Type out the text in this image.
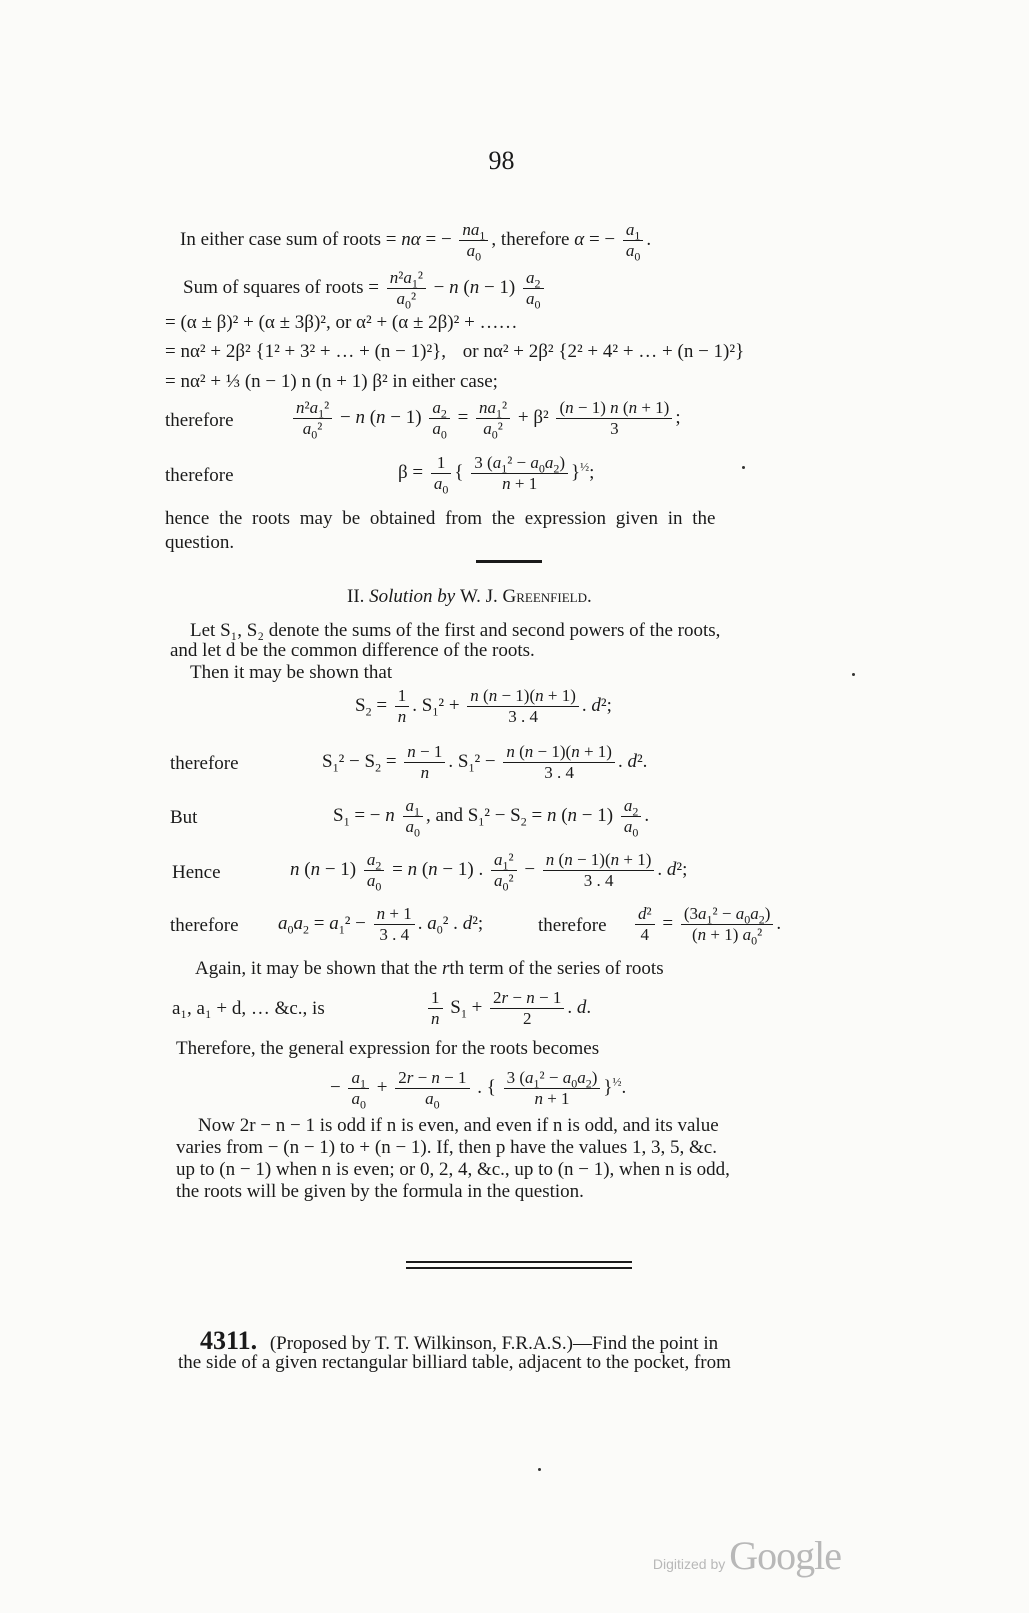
98
In either case sum of roots = nα = − $\frac{na_1}{a_0}$ , therefore α = − $\frac{a_1}{a_0}$ .
Sum of squares of roots = $\frac{n^2a_1^2}{a_0^2} - n$ $(n - 1) \frac{a_2}{a_0}$
= (α ± β)² + (α ± 3β)², or α² + (α ± 2β)² + ……
= nα² + 2β² {1² + 3² + … + (n − 1)²}, or nα² + 2β² {2² + 4² + … + (n − 1)²}
= nα² + ⅓ (n − 1) n (n + 1) β² in either case;
therefore	$\frac{n^2a_1^2}{a_0^2} - n$ $(n - 1) \frac{a_2}{a_0} = \frac{na_1^2}{a_0^2} + \beta^2 \frac{(n - 1) n (n + 1)}{3}$ ;
therefore	$\beta = \frac{1}{a_0}$ { $\frac{3 (a_1^2 - a_0a_2)}{n + 1} \}^{\frac{1}{2}}$;
hence the roots may be obtained from the expression given in the
question.
II. Solution by W. J. Greenfield.
Let S₁, S₂ denote the sums of the first and second powers of the roots,
and let d be the common difference of the roots.
Then it may be shown that
$S_2 = \frac{1}{n}$ . $S_1^2 + \frac{n (n - 1)(n + 1)}{3 . 4}$ . d²;
therefore	$S_1^2 - S_2 = \frac{n - 1}{n}$ . $S_1^2 - \frac{n (n - 1)(n + 1)}{3 . 4}$ . d².
But	$S_1$ = − n $\frac{a_1}{a_0}$ , and $S_1^2 - S_2 = n$ $(n - 1) \frac{a_2}{a_0}$ .
Hence	n $(n - 1) \frac{a_2}{a_0} = n$ (n − 1) . $\frac{a_1^2}{a_0^2} - \frac{n (n - 1)(n + 1)}{3 . 4}$ . d²;
therefore $a_0a_2 = a_1^2 - \frac{n + 1}{3 . 4}$ . $a_0^2$ . d²;	therefore $\frac{\text{d²}}{4} = \frac{(3a_1^2 - a_0a_2)}{(n + 1) a_0^2}$ .
Again, it may be shown that the rth term of the series of roots
a₁, a₁ + d, … &c., is	$\frac{1}{n} S_1 + \frac{2r - n - 1}{2}$ . d.
Therefore, the general expression for the roots becomes
− $\frac{a_1}{a_0} + \frac{2r - n - 1}{a_0}$ . { $\frac{3 (a_1^2 - a_0a_2)}{n + 1} \}^{\frac{1}{2}}$.
Now 2r − n − 1 is odd if n is even, and even if n is odd, and its value
varies from − (n − 1) to + (n − 1). If, then p have the values 1, 3, 5, &c.
up to (n − 1) when n is even; or 0, 2, 4, &c., up to (n − 1), when n is odd,
the roots will be given by the formula in the question.
4311. (Proposed by T. T. Wilkinson, F.R.A.S.)—Find the point in
the side of a given rectangular billiard table, adjacent to the pocket, from
Digitized by Google
